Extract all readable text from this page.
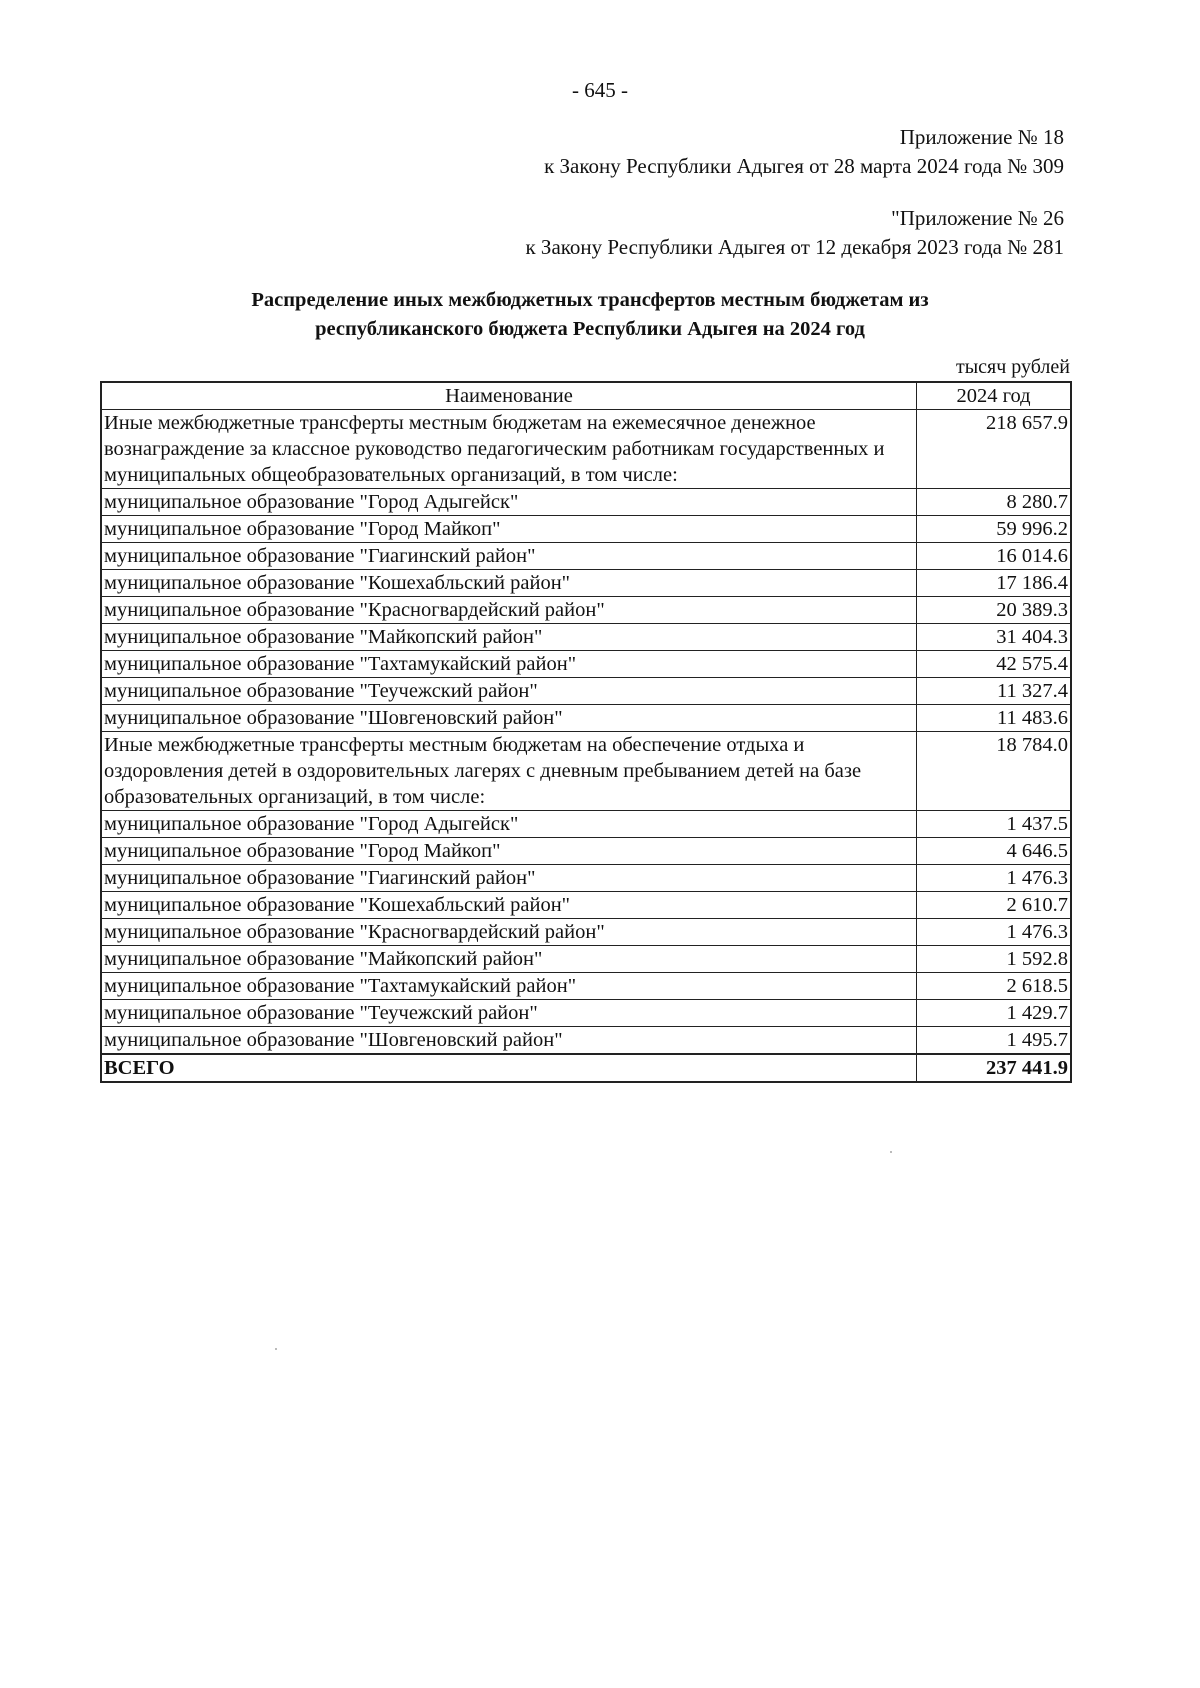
- 645 -
Приложение № 18
к Закону Республики Адыгея от 28 марта 2024 года № 309
"Приложение № 26
к Закону Республики Адыгея от 12 декабря 2023 года № 281
Распределение иных межбюджетных трансфертов местным бюджетам из
республиканского бюджета Республики Адыгея на 2024 год
тысяч рублей
Наименование	2024 год
Иные межбюджетные трансферты местным бюджетам на ежемесячное денежное вознаграждение за классное руководство педагогическим работникам государственных и муниципальных общеобразовательных организаций, в том числе:	218 657.9
муниципальное образование "Город Адыгейск"	8 280.7
муниципальное образование "Город Майкоп"	59 996.2
муниципальное образование "Гиагинский район"	16 014.6
муниципальное образование "Кошехабльский район"	17 186.4
муниципальное образование "Красногвардейский район"	20 389.3
муниципальное образование "Майкопский район"	31 404.3
муниципальное образование "Тахтамукайский район"	42 575.4
муниципальное образование "Теучежский район"	11 327.4
муниципальное образование "Шовгеновский район"	11 483.6
Иные межбюджетные трансферты местным бюджетам на обеспечение отдыха и оздоровления детей в оздоровительных лагерях с дневным пребыванием детей на базе образовательных организаций, в том числе:	18 784.0
муниципальное образование "Город Адыгейск"	1 437.5
муниципальное образование "Город Майкоп"	4 646.5
муниципальное образование "Гиагинский район"	1 476.3
муниципальное образование "Кошехабльский район"	2 610.7
муниципальное образование "Красногвардейский район"	1 476.3
муниципальное образование "Майкопский район"	1 592.8
муниципальное образование "Тахтамукайский район"	2 618.5
муниципальное образование "Теучежский район"	1 429.7
муниципальное образование "Шовгеновский район"	1 495.7
ВСЕГО	237 441.9
